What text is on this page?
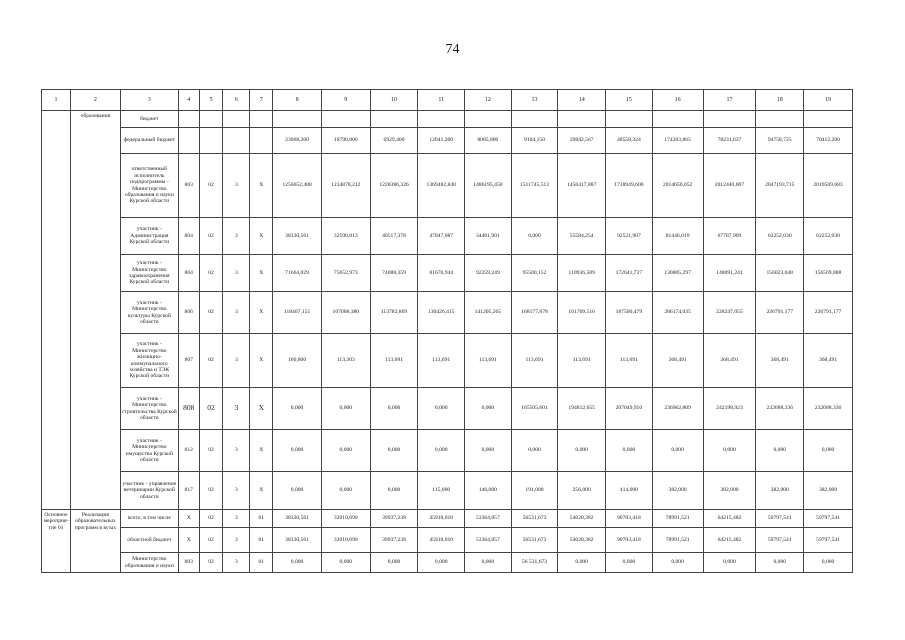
74
1	2	3	4	5	6	7	8	9	10	11	12	13	14	15	16	17	18	19
	образования	бюджет																
		федеральный бюджет					23068,200	18790,800	6929,400	12041,200	8085,800	9104,150	39842,567	48558,324	174203,865	78231,637	94758,725	70412,200
		ответственный исполнитель подпрограммы - Министерство образования и науки Курской области	803	02	3	Х	1256652,488	1234878,212	1228386,326	1369482,840	1486195,450	1511745,513	1456417,887	1718949,600	2014650,052	2012440,007	2047193,715	2019569,683
		участник - Администрация Курской области	804	02	3	Х	38330,561	32590,813	40517,378	47047,087	34401,901	0,000	55584,254	92521,907	81446,010	67787,909	62252,030	62252,030
		участник - Министерство здравоохранения Курской области	804	02	3	Х	71664,029	75652,973	74088,359	81670,944	92259,249	95500,152	110936,589	172641,727	130805,297	148091,241	156023,048	156569,888
		участник - Министерство культуры Курской области	806	02	3	Х	118467,151	107068,380	113782,869	130426,415	141205,265	168177,878	161709,516	187500,479	286174,035	228247,055	226791,177	226791,177
		участник - Министерство жилищно-коммунального хозяйства и ТЭК Курской области	807	02	3	Х	160,800	113,303	113,691	113,691	113,691	113,691	113,691	113,691	368,491	368,491	368,491	368,491
		участник - Министерство строительства Курской области	808	02	3	Х	0,000	0,000	0,000	0,000	0,000	165505,601	194812,655	207049,910	236962,809	242198,923	232688,336	232688,336
		участник - Министерство имущества Курской области	812	02	3	Х	0,000	0,000	0,000	0,000	0,000	0,000	0,000	0,000	0,000	0,000	0,000	0,000
		участник - управление ветеринарии Курской области	817	02	3	Х	0,000	0,000	0,000	115,000	146,000	191,000	256,000	414,000	382,000	382,000	382,000	382,000
Основное мероприя-тие 01	Реализация образовательных программ в вузах	всего, в том числе	Х	02	3	01	38330,561	32010,690	39937,238	45918,010	53364,857	56531,673	54028,382	90703,418	78991,521	64215,482	59797,541	59797,541
		областной бюджет	Х	02	3	01	38330,561	32010,690	39937,238	45918,010	53364,857	56531,673	54028,382	90703,418	78991,521	64215,482	59797,541	59797,541
		Министерство образования и науки	803	02	3	01	0,000	0,000	0,000	0,000	0,000	56 531,673	0,000	0,000	0,000	0,000	0,000	0,000
